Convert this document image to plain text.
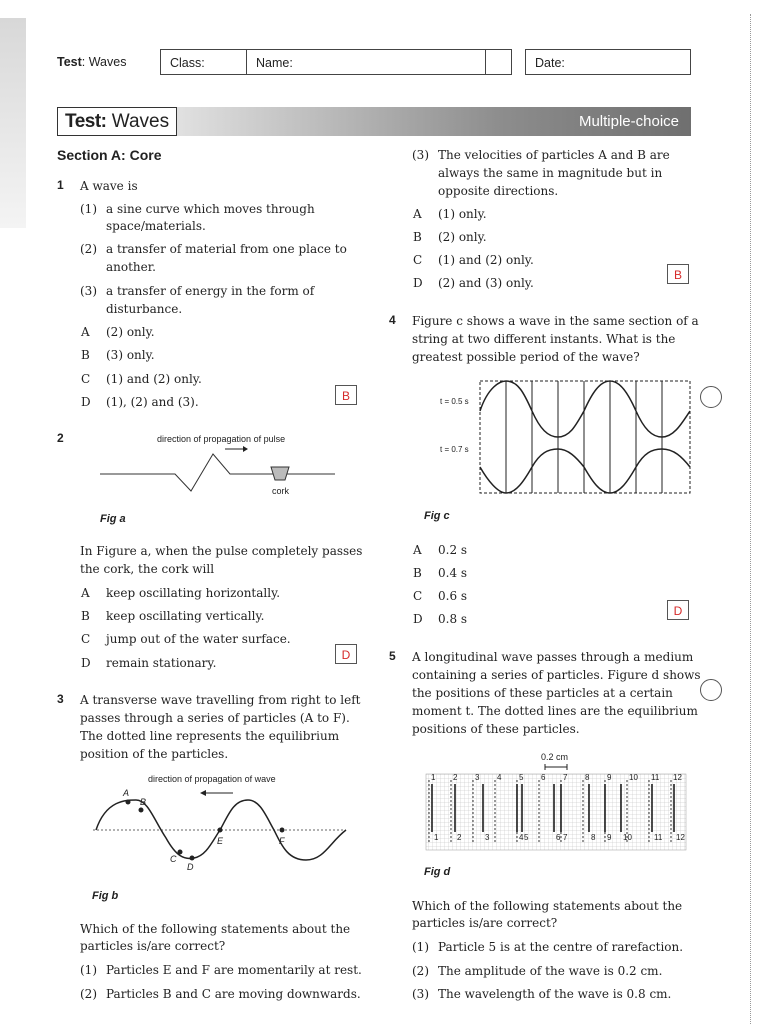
Test: Waves	Class:	Name:	Date:
Test: Waves	Multiple-choice
Section A: Core
1 A wave is
(1) a sine curve which moves through
space/materials.
(2) a transfer of material from one place to
another.
(3) a transfer of energy in the form of
disturbance.
A (2) only.
B (3) only.
C (1) and (2) only.
D (1), (2) and (3).	B
2	direction of propagation of pulse
cork
Fig a
In Figure a, when the pulse completely passes
the cork, the cork will
A keep oscillating horizontally.
B keep oscillating vertically.
C jump out of the water surface.
D remain stationary.
D
3 A transverse wave travelling from right to left
passes through a series of particles (A to F).
The dotted line represents the equilibrium
position of the particles.
direction of propagation of wave
A
B
C
D
E	F
Fig b
Which of the following statements about the
particles is/are correct?
(1) Particles E and F are momentarily at rest.
(2) Particles B and C are moving downwards.
(3) The velocities of particles A and B are
always the same in magnitude but in
opposite directions.
A (1) only.
B (2) only.
C (1) and (2) only.
D (2) and (3) only.
B
4 Figure c shows a wave in the same section of a
string at two different instants. What is the
greatest possible period of the wave?
t = 0.5 s
t = 0.7 s
Fig c
A 0.2 s
B 0.4 s
C 0.6 s
D 0.8 s
D
5 A longitudinal wave passes through a medium
containing a series of particles. Figure d shows
the positions of these particles at a certain
moment t. The dotted lines are the equilibrium
positions of these particles.
0.2 cm
1 2 3 4 5 6 7 8 9 10 11 12
1 2	3	4 5	6 7	8 9 10	11 12
Fig d
Which of the following statements about the
particles is/are correct?
(1) Particle 5 is at the centre of rarefaction.
(2) The amplitude of the wave is 0.2 cm.
(3) The wavelength of the wave is 0.8 cm.
